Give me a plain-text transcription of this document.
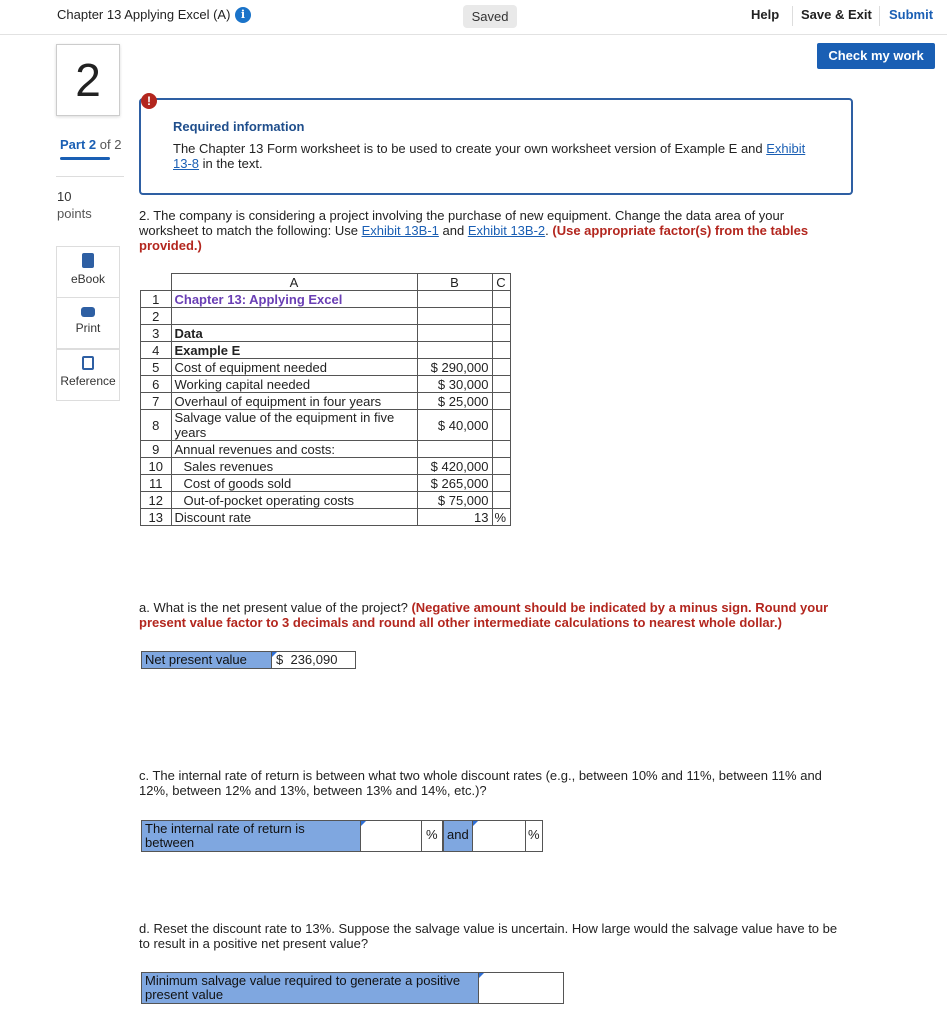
Chapter 13 Applying Excel (A) i	Saved	Help Save & Exit Submit
Check my work
2
Part 2 of 2
10
points
eBook
Print
Reference
!
Required information
The Chapter 13 Form worksheet is to be used to create your own worksheet version of Example E and Exhibit 13-8 in the text.
2. The company is considering a project involving the purchase of new equipment. Change the data area of your worksheet to match the following: Use Exhibit 13B-1 and Exhibit 13B-2. (Use appropriate factor(s) from the tables provided.)
	A	B	C
1	Chapter 13: Applying Excel		
2			
3	Data		
4	Example E		
5	Cost of equipment needed	$ 290,000	
6	Working capital needed	$ 30,000	
7	Overhaul of equipment in four years	$ 25,000	
8	Salvage value of the equipment in five years	$ 40,000	
9	Annual revenues and costs:		
10	Sales revenues	$ 420,000	
11	Cost of goods sold	$ 265,000	
12	Out-of-pocket operating costs	$ 75,000	
13	Discount rate	13	%
a. What is the net present value of the project? (Negative amount should be indicated by a minus sign. Round your present value factor to 3 decimals and round all other intermediate calculations to nearest whole dollar.)
Net present value	$ 236,090
c. The internal rate of return is between what two whole discount rates (e.g., between 10% and 11%, between 11% and 12%, between 12% and 13%, between 13% and 14%, etc.)?
The internal rate of return is between
% and	%
d. Reset the discount rate to 13%. Suppose the salvage value is uncertain. How large would the salvage value have to be to result in a positive net present value?
Minimum salvage value required to generate a positive present value
